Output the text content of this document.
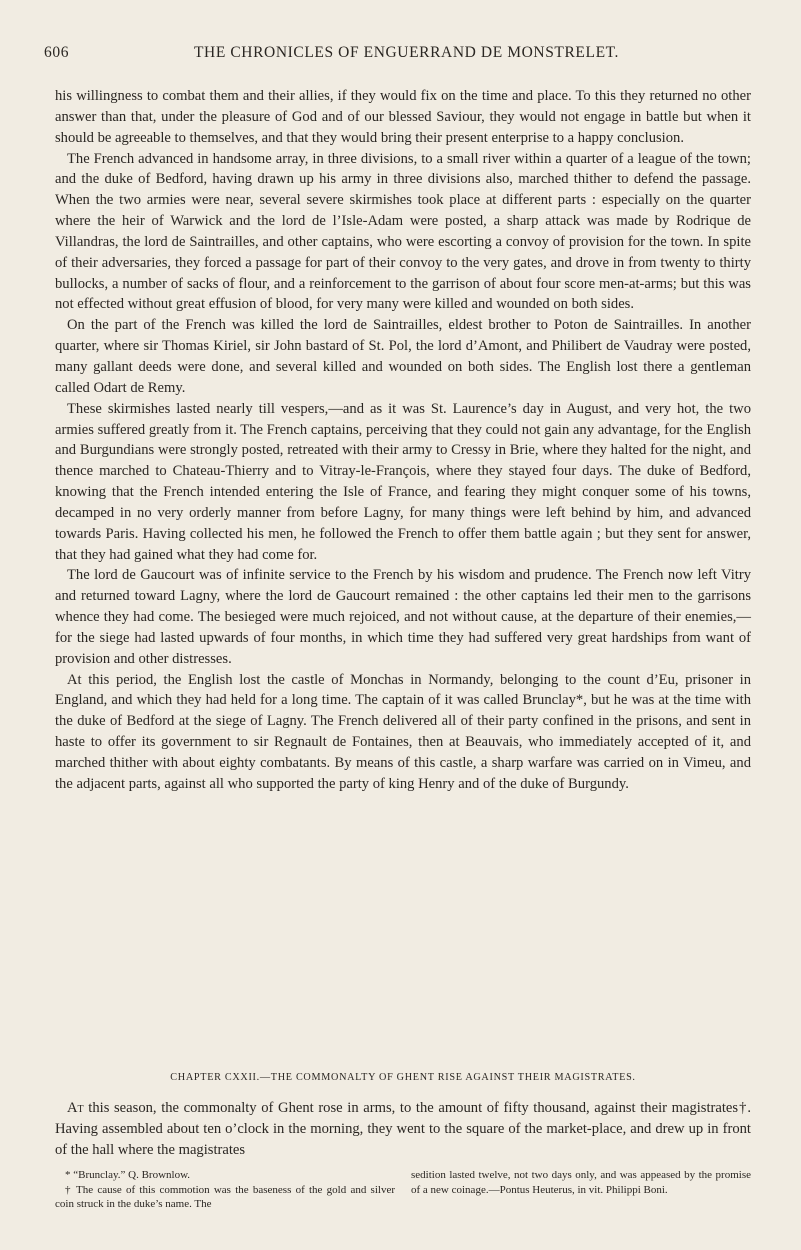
606	THE CHRONICLES OF ENGUERRAND DE MONSTRELET.

his willingness to combat them and their allies, if they would fix on the time and place. To this they returned no other answer than that, under the pleasure of God and of our blessed Saviour, they would not engage in battle but when it should be agreeable to themselves, and that they would bring their present enterprise to a happy conclusion.

The French advanced in handsome array, in three divisions, to a small river within a quarter of a league of the town; and the duke of Bedford, having drawn up his army in three divisions also, marched thither to defend the passage. When the two armies were near, several severe skirmishes took place at different parts : especially on the quarter where the heir of Warwick and the lord de l’Isle-Adam were posted, a sharp attack was made by Rodrique de Villandras, the lord de Saintrailles, and other captains, who were escorting a convoy of provision for the town. In spite of their adversaries, they forced a passage for part of their convoy to the very gates, and drove in from twenty to thirty bullocks, a number of sacks of flour, and a reinforcement to the garrison of about four score men-at-arms; but this was not effected without great effusion of blood, for very many were killed and wounded on both sides.

On the part of the French was killed the lord de Saintrailles, eldest brother to Poton de Saintrailles. In another quarter, where sir Thomas Kiriel, sir John bastard of St. Pol, the lord d’Amont, and Philibert de Vaudray were posted, many gallant deeds were done, and several killed and wounded on both sides. The English lost there a gentleman called Odart de Remy.

These skirmishes lasted nearly till vespers,—and as it was St. Laurence’s day in August, and very hot, the two armies suffered greatly from it. The French captains, perceiving that they could not gain any advantage, for the English and Burgundians were strongly posted, retreated with their army to Cressy in Brie, where they halted for the night, and thence marched to Chateau-Thierry and to Vitray-le-François, where they stayed four days. The duke of Bedford, knowing that the French intended entering the Isle of France, and fearing they might conquer some of his towns, decamped in no very orderly manner from before Lagny, for many things were left behind by him, and advanced towards Paris. Having collected his men, he followed the French to offer them battle again ; but they sent for answer, that they had gained what they had come for.

The lord de Gaucourt was of infinite service to the French by his wisdom and prudence. The French now left Vitry and returned toward Lagny, where the lord de Gaucourt remained : the other captains led their men to the garrisons whence they had come. The besieged were much rejoiced, and not without cause, at the departure of their enemies,—for the siege had lasted upwards of four months, in which time they had suffered very great hardships from want of provision and other distresses.

At this period, the English lost the castle of Monchas in Normandy, belonging to the count d’Eu, prisoner in England, and which they had held for a long time. The captain of it was called Brunclay*, but he was at the time with the duke of Bedford at the siege of Lagny. The French delivered all of their party confined in the prisons, and sent in haste to offer its government to sir Regnault de Fontaines, then at Beauvais, who immediately accepted of it, and marched thither with about eighty combatants. By means of this castle, a sharp warfare was carried on in Vimeu, and the adjacent parts, against all who supported the party of king Henry and of the duke of Burgundy.

CHAPTER CXXII.—THE COMMONALTY OF GHENT RISE AGAINST THEIR MAGISTRATES.

At this season, the commonalty of Ghent rose in arms, to the amount of fifty thousand, against their magistrates†. Having assembled about ten o’clock in the morning, they went to the square of the market-place, and drew up in front of the hall where the magistrates

* “Brunclay.” Q. Brownlow.

† The cause of this commotion was the baseness of the gold and silver coin struck in the duke’s name. The

sedition lasted twelve, not two days only, and was appeased by the promise of a new coinage.—Pontus Heuterus, in vit. Philippi Boni.
